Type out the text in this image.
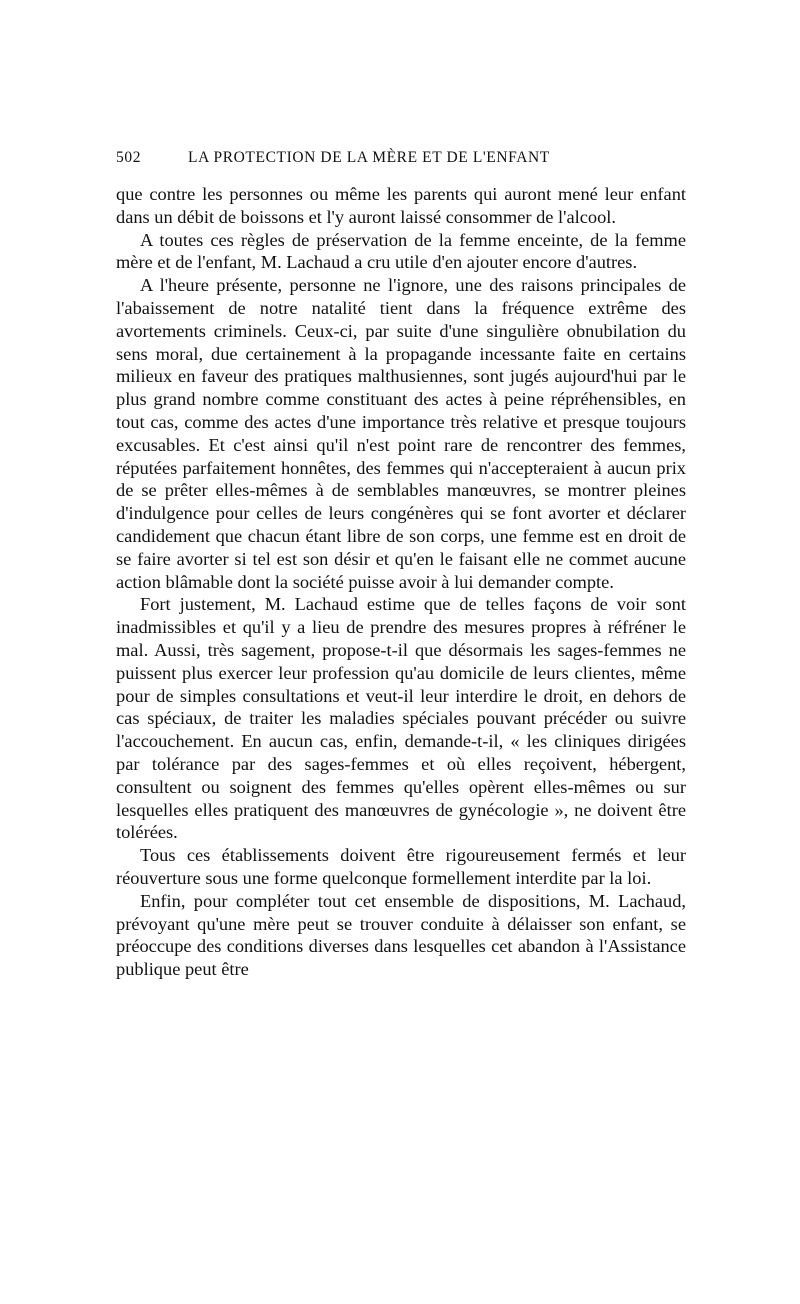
502	LA PROTECTION DE LA MÈRE ET DE L'ENFANT

que contre les personnes ou même les parents qui auront mené leur enfant dans un débit de boissons et l'y auront laissé consommer de l'alcool.

A toutes ces règles de préservation de la femme enceinte, de la femme mère et de l'enfant, M. Lachaud a cru utile d'en ajouter encore d'autres.

A l'heure présente, personne ne l'ignore, une des raisons principales de l'abaissement de notre natalité tient dans la fréquence extrême des avortements criminels. Ceux-ci, par suite d'une singulière obnubilation du sens moral, due certainement à la propagande incessante faite en certains milieux en faveur des pratiques malthusiennes, sont jugés aujourd'hui par le plus grand nombre comme constituant des actes à peine répréhensibles, en tout cas, comme des actes d'une importance très relative et presque toujours excusables. Et c'est ainsi qu'il n'est point rare de rencontrer des femmes, réputées parfaitement honnêtes, des femmes qui n'accepteraient à aucun prix de se prêter elles-mêmes à de semblables manœuvres, se montrer pleines d'indulgence pour celles de leurs congénères qui se font avorter et déclarer candidement que chacun étant libre de son corps, une femme est en droit de se faire avorter si tel est son désir et qu'en le faisant elle ne commet aucune action blâmable dont la société puisse avoir à lui demander compte.

Fort justement, M. Lachaud estime que de telles façons de voir sont inadmissibles et qu'il y a lieu de prendre des mesures propres à réfréner le mal. Aussi, très sagement, propose-t-il que désormais les sages-femmes ne puissent plus exercer leur profession qu'au domicile de leurs clientes, même pour de simples consultations et veut-il leur interdire le droit, en dehors de cas spéciaux, de traiter les maladies spéciales pouvant précéder ou suivre l'accouchement. En aucun cas, enfin, demande-t-il, « les cliniques dirigées par tolérance par des sages-femmes et où elles reçoivent, hébergent, consultent ou soignent des femmes qu'elles opèrent elles-mêmes ou sur lesquelles elles pratiquent des manœuvres de gynécologie », ne doivent être tolérées.

Tous ces établissements doivent être rigoureusement fermés et leur réouverture sous une forme quelconque formellement interdite par la loi.

Enfin, pour compléter tout cet ensemble de dispositions, M. Lachaud, prévoyant qu'une mère peut se trouver conduite à délaisser son enfant, se préoccupe des conditions diverses dans lesquelles cet abandon à l'Assistance publique peut être
